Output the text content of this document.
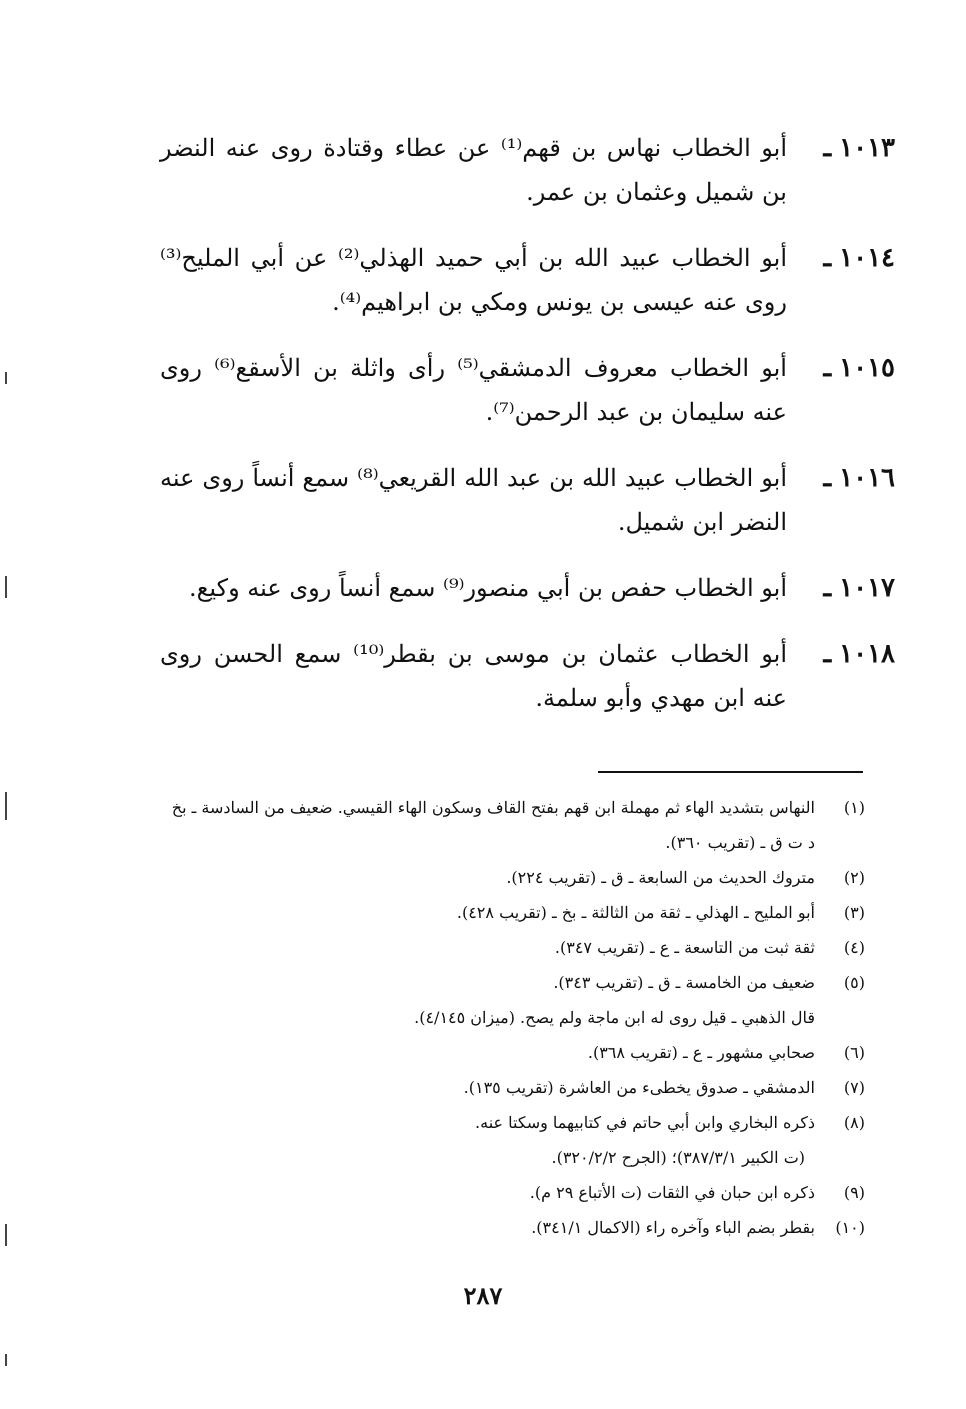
١٠١٣ـ
أبو الخطاب نهاس بن قهم⁽¹⁾ عن عطاء وقتادة روى عنه النضر بن شميل وعثمان بن عمر.
١٠١٤ـ
أبو الخطاب عبيد الله بن أبي حميد الهذلي⁽²⁾ عن أبي المليح⁽³⁾ روى عنه عيسى بن يونس ومكي بن ابراهيم⁽⁴⁾.
١٠١٥ـ
أبو الخطاب معروف الدمشقي⁽⁵⁾ رأى واثلة بن الأسقع⁽⁶⁾ روى عنه سليمان بن عبد الرحمن⁽⁷⁾.
١٠١٦ـ
أبو الخطاب عبيد الله بن عبد الله القريعي⁽⁸⁾ سمع أنساً روى عنه النضر ابن شميل.
١٠١٧ـ
أبو الخطاب حفص بن أبي منصور⁽⁹⁾ سمع أنساً روى عنه وكيع.
١٠١٨ـ
أبو الخطاب عثمان بن موسى بن بقطر⁽¹⁰⁾ سمع الحسن روى عنه ابن مهدي وأبو سلمة.
(١)
النهاس بتشديد الهاء ثم مهملة ابن قهم بفتح القاف وسكون الهاء القيسي. ضعيف من السادسة ـ بخ د ت ق ـ (تقريب ٣٦٠).
(٢)
متروك الحديث من السابعة ـ ق ـ (تقريب ٢٢٤).
(٣)
أبو المليح ـ الهذلي ـ ثقة من الثالثة ـ بخ ـ (تقريب ٤٢٨).
(٤)
ثقة ثبت من التاسعة ـ ع ـ (تقريب ٣٤٧).
(٥)
ضعيف من الخامسة ـ ق ـ (تقريب ٣٤٣).
قال الذهبي ـ قيل روى له ابن ماجة ولم يصح. (ميزان ٤/١٤٥).
(٦)
صحابي مشهور ـ ع ـ (تقريب ٣٦٨).
(٧)
الدمشقي ـ صدوق يخطىء من العاشرة (تقريب ١٣٥).
(٨)
ذكره البخاري وابن أبي حاتم في كتابيهما وسكتا عنه.
(ت الكبير ٣٨٧/٣/١)؛ (الجرح ٣٢٠/٢/٢).
(٩)
ذكره ابن حبان في الثقات (ت الأتباع ٢٩ م).
(١٠)
بقطر بضم الباء وآخره راء (الاكمال ٣٤١/١).
٢٨٧
